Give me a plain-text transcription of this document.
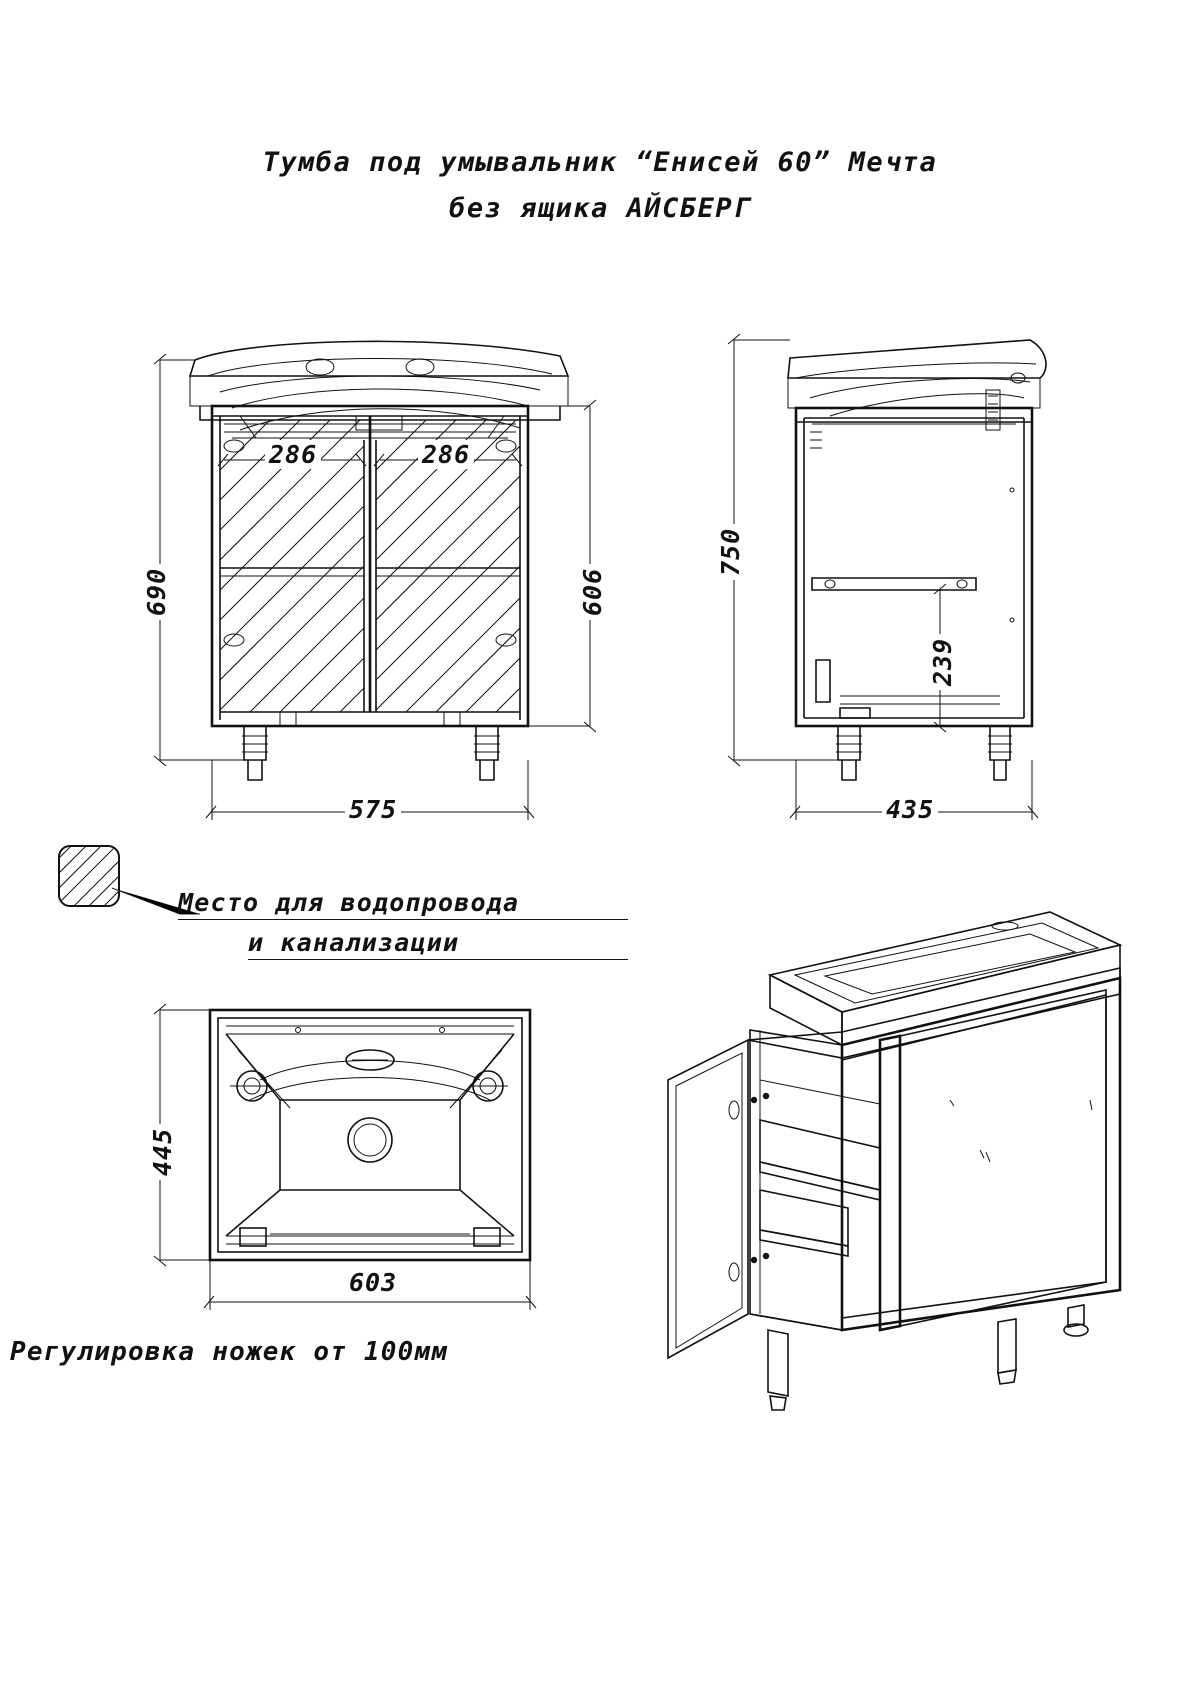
Тумба под умывальник “Енисей 60” Мечта
без ящика АЙСБЕРГ
690	606
575
286	286
750
239
435
Место для водопровода
и канализации
445
603
Регулировка ножек от 100мм
